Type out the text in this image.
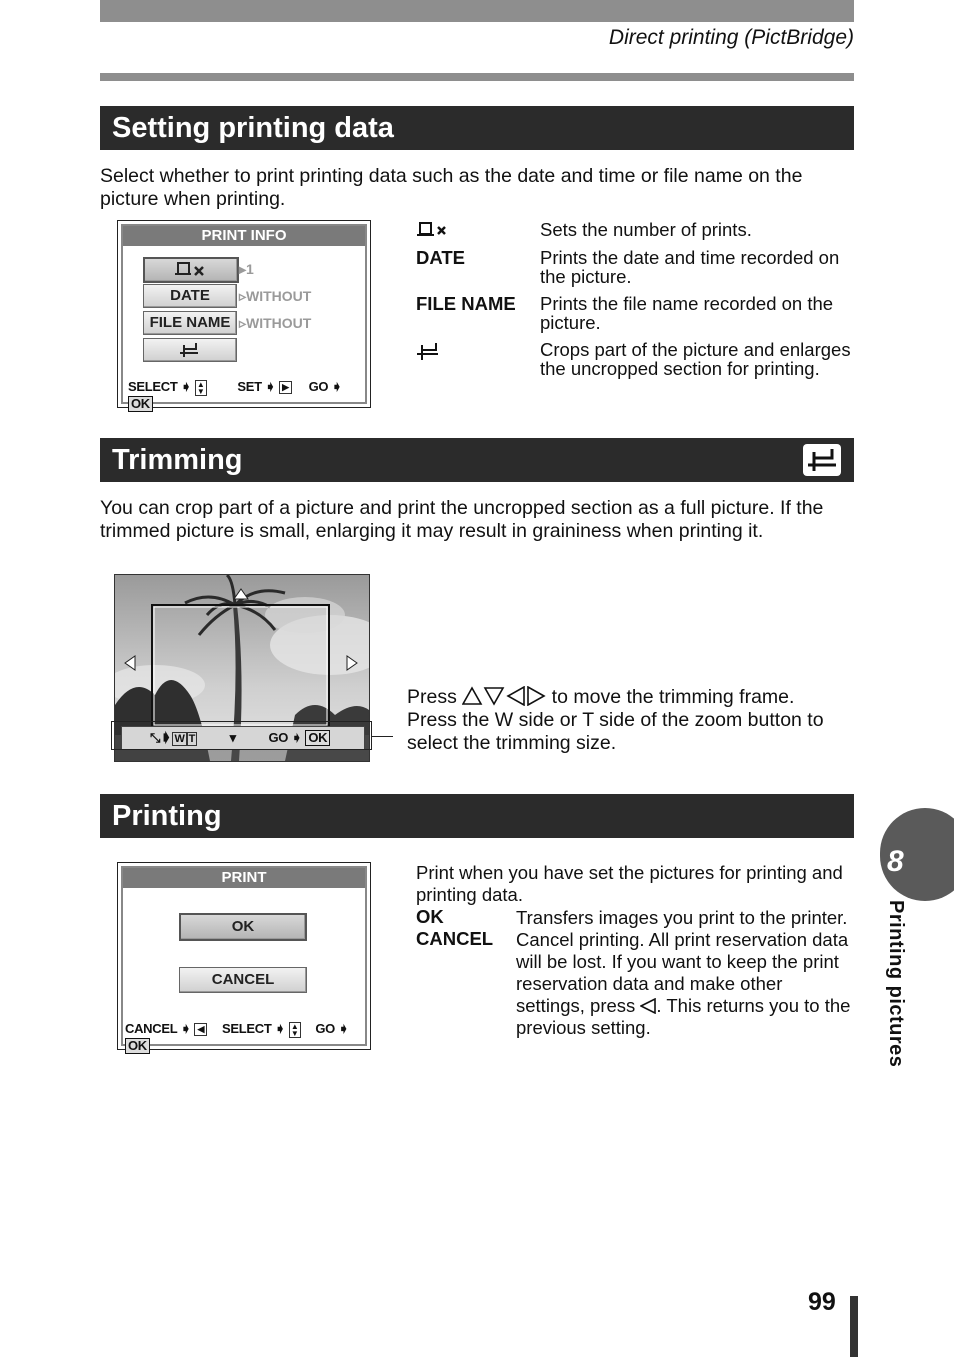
Direct printing (PictBridge)
Setting printing data
Select whether to print printing data such as the date and time or file name on the picture when printing.
PRINT INFO
▸1
DATE	▹WITHOUT
FILE NAME ▹WITHOUT
SELECT ➧ ▲
▼	SET ➧ ▶ GO ➧ OK
Sets the number of prints.
DATE	Prints the date and time recorded on the picture.
FILE NAME Prints the file name recorded on the picture.
Crops part of the picture and enlarges the uncropped section for printing.
Trimming
You can crop part of a picture and print the uncropped section as a full picture. If the trimmed picture is small, enlarging it may result in graininess when printing it.
⤡ ➧ W T	▾	GO ➧ OK
Press	to move the trimming frame.
Press the W side or T side of the zoom button to select the trimming size.
Printing
PRINT
OK
CANCEL
CANCEL ➧ ◀ SELECT ➧ ▲
▼ GO ➧ OK
Print when you have set the pictures for printing and printing data.
OK	Transfers images you print to the printer.
CANCEL Cancel printing. All print reservation data will be lost. If you want to keep the print reservation data and make other settings, press . This returns you to the previous setting.
8
Printing pictures
99
